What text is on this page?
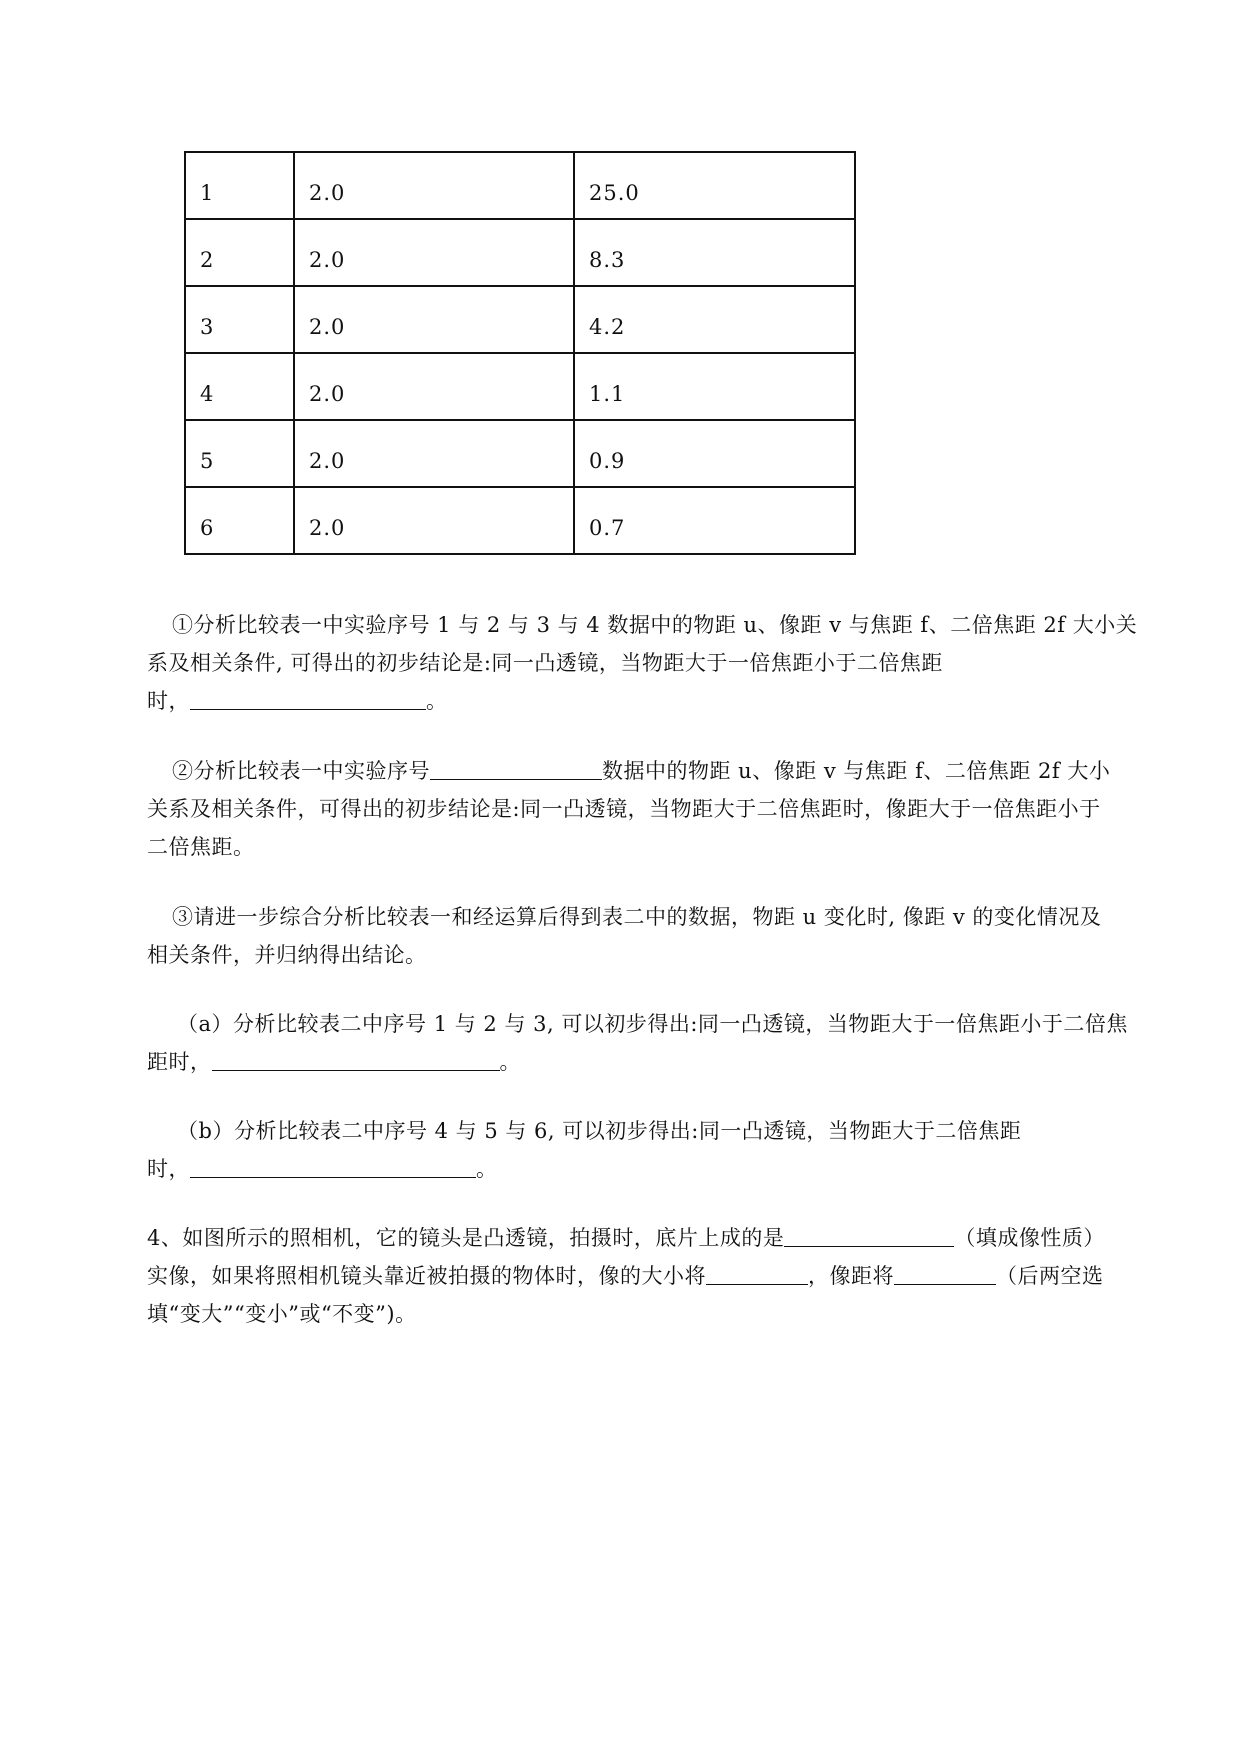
1	2.0	25.0
2	2.0	8.3
3	2.0	4.2
4	2.0	1.1
5	2.0	0.9
6	2.0	0.7
①分析比较表一中实验序号 1 与 2 与 3 与 4 数据中的物距 u、像距 v 与焦距 f、二倍焦距 2f 大小关
系及相关条件, 可得出的初步结论是:同一凸透镜，当物距大于一倍焦距小于二倍焦距
时，	。
②分析比较表一中实验序号	数据中的物距 u、像距 v 与焦距 f、二倍焦距 2f 大小
关系及相关条件，可得出的初步结论是:同一凸透镜，当物距大于二倍焦距时，像距大于一倍焦距小于
二倍焦距。
③请进一步综合分析比较表一和经运算后得到表二中的数据，物距 u 变化时, 像距 v 的变化情况及
相关条件，并归纳得出结论。
（a）分析比较表二中序号 1 与 2 与 3, 可以初步得出:同一凸透镜，当物距大于一倍焦距小于二倍焦
距时，	。
（b）分析比较表二中序号 4 与 5 与 6, 可以初步得出:同一凸透镜，当物距大于二倍焦距
时，	。
4、如图所示的照相机，它的镜头是凸透镜，拍摄时，底片上成的是	（填成像性质）
实像，如果将照相机镜头靠近被拍摄的物体时，像的大小将	，像距将	（后两空选
填“变大”“变小”或“不变”)。
